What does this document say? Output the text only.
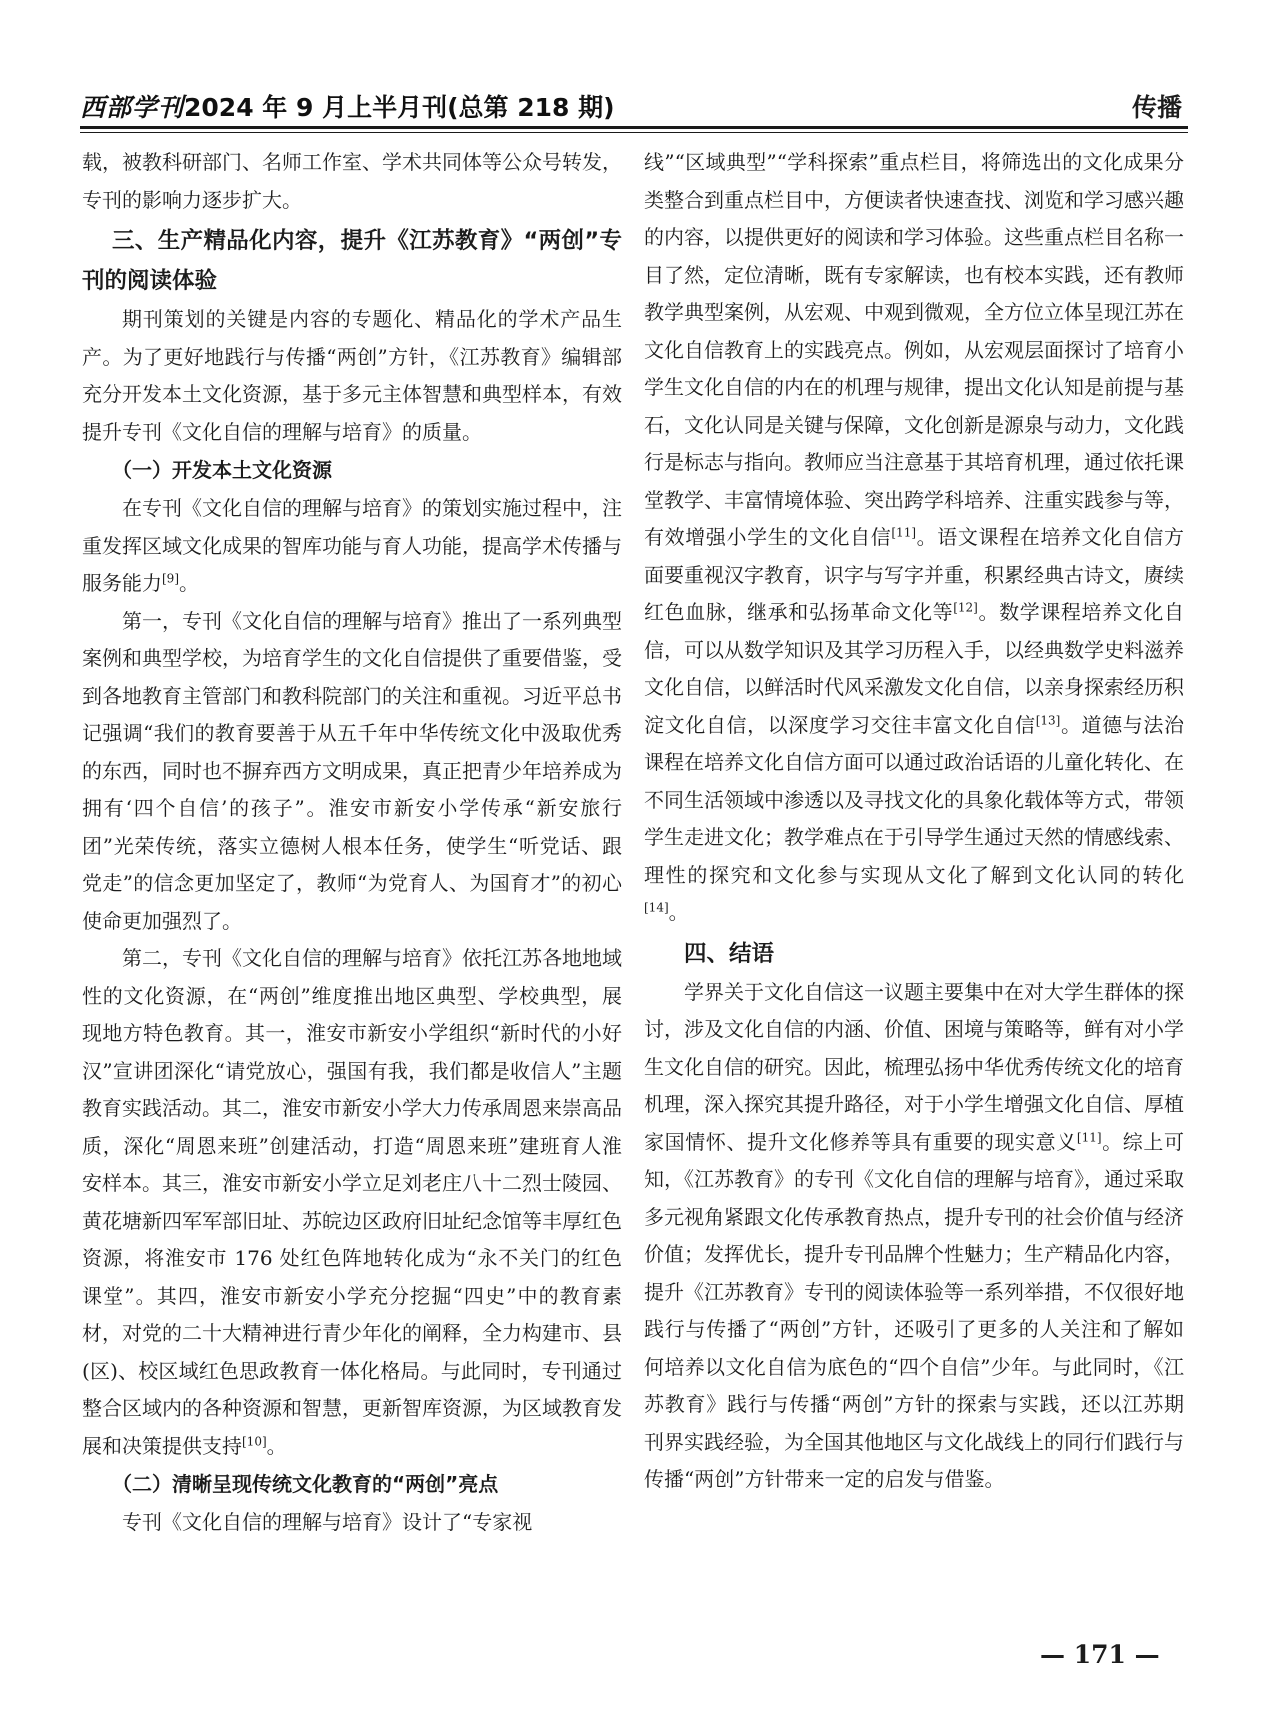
西部学刊2024 年 9 月上半月刊(总第 218 期)	传播

载，被教科研部门、名师工作室、学术共同体等公众号转发，专刊的影响力逐步扩大。

三、生产精品化内容，提升《江苏教育》“两创”专刊的阅读体验

期刊策划的关键是内容的专题化、精品化的学术产品生产。为了更好地践行与传播“两创”方针，《江苏教育》编辑部充分开发本土文化资源，基于多元主体智慧和典型样本，有效提升专刊《文化自信的理解与培育》的质量。

（一）开发本土文化资源

在专刊《文化自信的理解与培育》的策划实施过程中，注重发挥区域文化成果的智库功能与育人功能，提高学术传播与服务能力[9]。

第一，专刊《文化自信的理解与培育》推出了一系列典型案例和典型学校，为培育学生的文化自信提供了重要借鉴，受到各地教育主管部门和教科院部门的关注和重视。习近平总书记强调“我们的教育要善于从五千年中华传统文化中汲取优秀的东西，同时也不摒弃西方文明成果，真正把青少年培养成为拥有‘四个自信’的孩子”。淮安市新安小学传承“新安旅行团”光荣传统，落实立德树人根本任务，使学生“听党话、跟党走”的信念更加坚定了，教师“为党育人、为国育才”的初心使命更加强烈了。

第二，专刊《文化自信的理解与培育》依托江苏各地地域性的文化资源，在“两创”维度推出地区典型、学校典型，展现地方特色教育。其一，淮安市新安小学组织“新时代的小好汉”宣讲团深化“请党放心，强国有我，我们都是收信人”主题教育实践活动。其二，淮安市新安小学大力传承周恩来崇高品质，深化“周恩来班”创建活动，打造“周恩来班”建班育人淮安样本。其三，淮安市新安小学立足刘老庄八十二烈士陵园、黄花塘新四军军部旧址、苏皖边区政府旧址纪念馆等丰厚红色资源，将淮安市 176 处红色阵地转化成为“永不关门的红色课堂”。其四，淮安市新安小学充分挖掘“四史”中的教育素材，对党的二十大精神进行青少年化的阐释，全力构建市、县(区)、校区域红色思政教育一体化格局。与此同时，专刊通过整合区域内的各种资源和智慧，更新智库资源，为区域教育发展和决策提供支持[10]。

（二）清晰呈现传统文化教育的“两创”亮点

专刊《文化自信的理解与培育》设计了“专家视

线”“区域典型”“学科探索”重点栏目，将筛选出的文化成果分类整合到重点栏目中，方便读者快速查找、浏览和学习感兴趣的内容，以提供更好的阅读和学习体验。这些重点栏目名称一目了然，定位清晰，既有专家解读，也有校本实践，还有教师教学典型案例，从宏观、中观到微观，全方位立体呈现江苏在文化自信教育上的实践亮点。例如，从宏观层面探讨了培育小学生文化自信的内在的机理与规律，提出文化认知是前提与基石，文化认同是关键与保障，文化创新是源泉与动力，文化践行是标志与指向。教师应当注意基于其培育机理，通过依托课堂教学、丰富情境体验、突出跨学科培养、注重实践参与等，有效增强小学生的文化自信[11]。语文课程在培养文化自信方面要重视汉字教育，识字与写字并重，积累经典古诗文，赓续红色血脉，继承和弘扬革命文化等[12]。数学课程培养文化自信，可以从数学知识及其学习历程入手，以经典数学史料滋养文化自信，以鲜活时代风采激发文化自信，以亲身探索经历积淀文化自信，以深度学习交往丰富文化自信[13]。道德与法治课程在培养文化自信方面可以通过政治话语的儿童化转化、在不同生活领域中渗透以及寻找文化的具象化载体等方式，带领学生走进文化；教学难点在于引导学生通过天然的情感线索、理性的探究和文化参与实现从文化了解到文化认同的转化[14]。

四、结语

学界关于文化自信这一议题主要集中在对大学生群体的探讨，涉及文化自信的内涵、价值、困境与策略等，鲜有对小学生文化自信的研究。因此，梳理弘扬中华优秀传统文化的培育机理，深入探究其提升路径，对于小学生增强文化自信、厚植家国情怀、提升文化修养等具有重要的现实意义[11]。综上可知，《江苏教育》的专刊《文化自信的理解与培育》，通过采取多元视角紧跟文化传承教育热点，提升专刊的社会价值与经济价值；发挥优长，提升专刊品牌个性魅力；生产精品化内容，提升《江苏教育》专刊的阅读体验等一系列举措，不仅很好地践行与传播了“两创”方针，还吸引了更多的人关注和了解如何培养以文化自信为底色的“四个自信”少年。与此同时，《江苏教育》践行与传播“两创”方针的探索与实践，还以江苏期刊界实践经验，为全国其他地区与文化战线上的同行们践行与传播“两创”方针带来一定的启发与借鉴。

— 171 —
